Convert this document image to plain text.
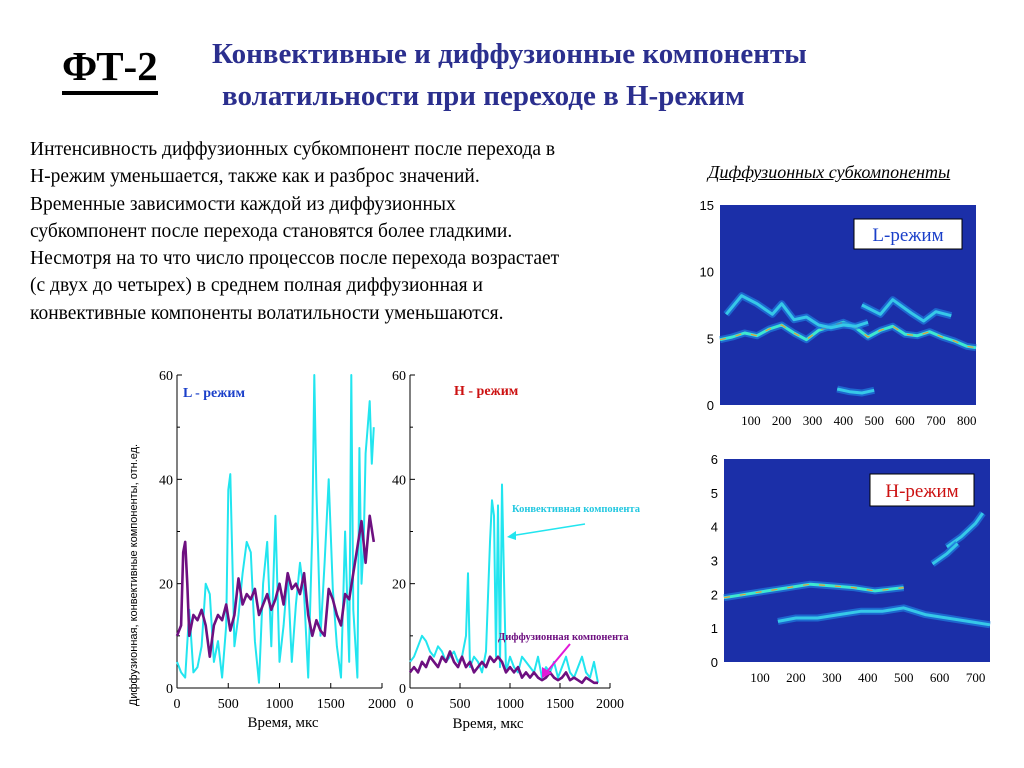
ФТ-2 Конвективные и диффузионные компоненты
волатильности при переходе в H-режим
Интенсивность диффузионных субкомпонент после перехода в
Н-режим уменьшается, также как и разброс значений.
Временные зависимости каждой из диффузионных
субкомпонент после перехода становятся более гладкими.
Несмотря на то что число процессов после перехода возрастает
(с двух до четырех) в среднем полная диффузионная и
конвективные компоненты волатильности уменьшаются.
Диффузионных субкомпоненты
0
20
40
60
0	500 1000 1500 2000
Диффузионная, конвективные компоненты, отн.ед.
L - режим
Время, мкс
0
20
40
60
0	500 1000 1500 2000
H - режим
Конвективная компонента
Диффузионная компонента
Время, мкс
0
5
10
15
100 200 300 400 500 600 700 800
L-режим
0
1
2
3
4
5
6
100 200 300 400 500 600 700
H-режим
